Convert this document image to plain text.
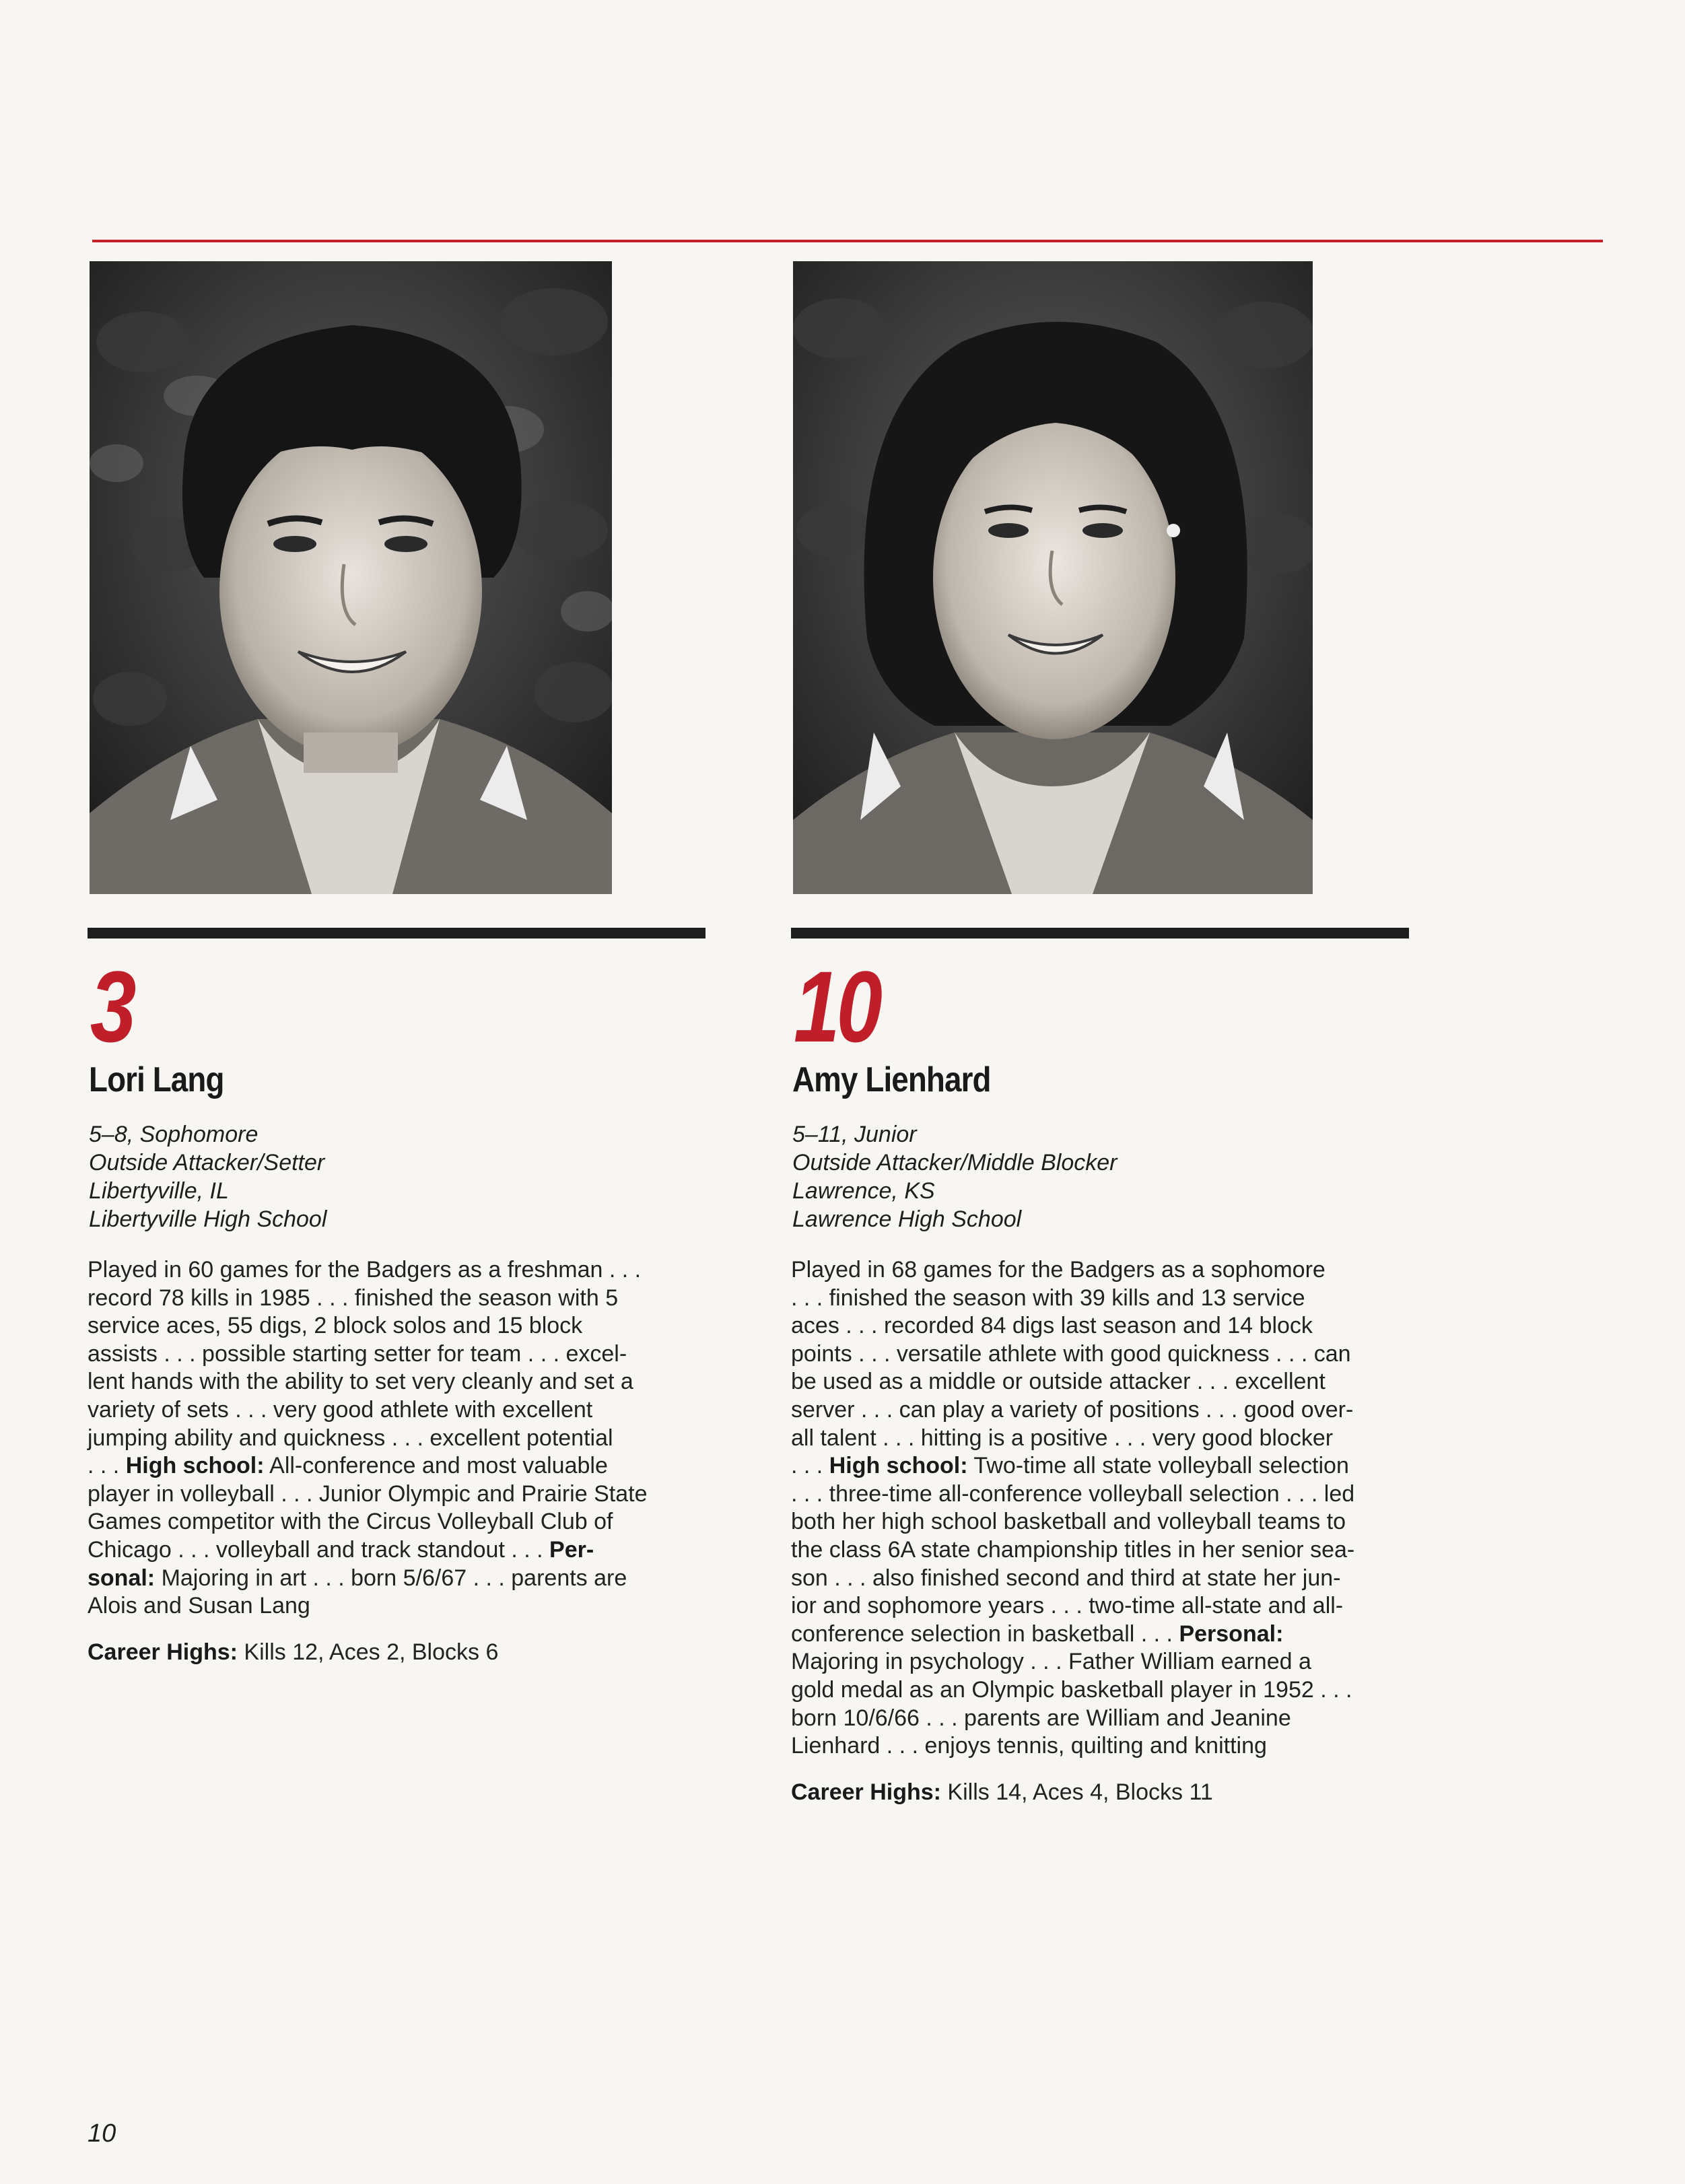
3
Lori Lang
5–8, Sophomore
Outside Attacker/Setter
Libertyville, IL
Libertyville High School
Played in 60 games for the Badgers as a freshman . . .
record 78 kills in 1985 . . . finished the season with 5
service aces, 55 digs, 2 block solos and 15 block
assists . . . possible starting setter for team . . . excel-
lent hands with the ability to set very cleanly and set a
variety of sets . . . very good athlete with excellent
jumping ability and quickness . . . excellent potential
. . . High school: All-conference and most valuable
player in volleyball . . . Junior Olympic and Prairie State
Games competitor with the Circus Volleyball Club of
Chicago . . . volleyball and track standout . . . Per-
sonal: Majoring in art . . . born 5/6/67 . . . parents are
Alois and Susan Lang
Career Highs: Kills 12, Aces 2, Blocks 6
10
Amy Lienhard
5–11, Junior
Outside Attacker/Middle Blocker
Lawrence, KS
Lawrence High School
Played in 68 games for the Badgers as a sophomore
. . . finished the season with 39 kills and 13 service
aces . . . recorded 84 digs last season and 14 block
points . . . versatile athlete with good quickness . . . can
be used as a middle or outside attacker . . . excellent
server . . . can play a variety of positions . . . good over-
all talent . . . hitting is a positive . . . very good blocker
. . . High school: Two-time all state volleyball selection
. . . three-time all-conference volleyball selection . . . led
both her high school basketball and volleyball teams to
the class 6A state championship titles in her senior sea-
son . . . also finished second and third at state her jun-
ior and sophomore years . . . two-time all-state and all-
conference selection in basketball . . . Personal:
Majoring in psychology . . . Father William earned a
gold medal as an Olympic basketball player in 1952 . . .
born 10/6/66 . . . parents are William and Jeanine
Lienhard . . . enjoys tennis, quilting and knitting
Career Highs: Kills 14, Aces 4, Blocks 11
10
